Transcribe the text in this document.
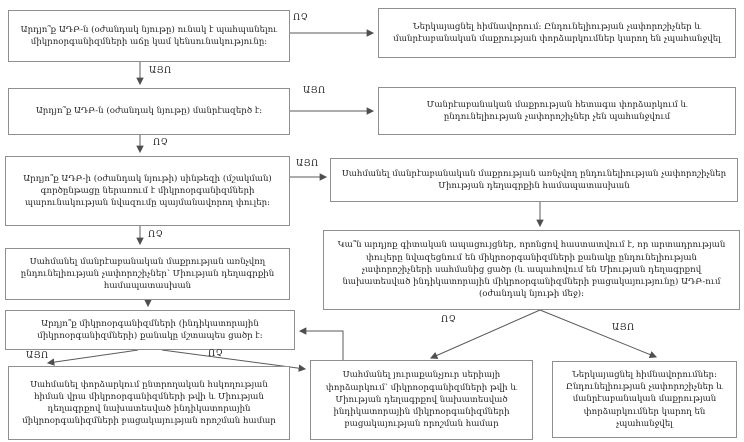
Արդյո՞ք ԱԴԲ-ն (օժանդակ նյութը) ունակ է պահպանելու միկրոօրգանիզմների աճը կամ կենսունակությունը։
Ներկայացնել հիմնավորում։ Ընդունելիության չափորոշիչներ և մանրէաբանական մաքրության փորձարկումներ կարող են չպահանջվել
Արդյո՞ք ԱԴԲ-ն (օժանդակ նյութը) մանրէազերծ է։
Մանրէաբանական մաքրության հետագա փորձարկում և ընդունելիության չափորոշիչներ չեն պահանջվում
Արդյո՞ք ԱԴԲ-ի (օժանդակ նյութի) սինթեզի (մշակման) գործընթացը ներառում է միկրոօրգանիզմների պարունակության նվազումը պայմանավորող փուլեր։
Սահմանել մանրէաբանական մաքրության առնչվող ընդունելիության չափորոշիչներ Միության դեղագրքին համապատասխան
Կա՞ն արդյոք գիտական ապացույցներ, որոնցով հաստատվում է, որ արտադրության փուլերը նվազեցնում են միկրոօրգանիզմների քանակը ընդունելիության չափորոշիչների սահմանից ցածր (և ապահովում են Միության դեղագրքով նախատեսված ինդիկատորային միկրոօրգանիզմների բացակայությունը) ԱԴԲ-ում (օժանդակ նյութի մեջ)։
Սահմանել մանրէաբանական մաքրության առնչվող ընդունելիության չափորոշիչներ՝ Միության դեղագրքին համապատասխան
Արդյո՞ք միկրոօրգանիզմների (ինդիկատորային միկրոօրգանիզմների) քանակը մշտապես ցածր է։
Սահմանել փորձարկում ընտրողական հսկողության հիման վրա միկրոօրգանիզմների թվի և Միության դեղագրքով նախատեսված ինդիկատորային միկրոօրգանիզմների բացակայության որոշման համար
Սահմանել յուրաքանչյուր սերիայի փորձարկում՝ միկրոօրգանիզմների թվի և Միության դեղագրքով նախատեսված ինդիկատորային միկրոօրգանիզմների բացակայության որոշման համար
Ներկայացնել հիմնավորումներ։ Ընդունելիության չափորոշիչներ և մանրէաբանական մաքրության փորձարկումներ կարող են չպահանջվել
ՈՉ
ԱՅՈ
ԱՅՈ
ՈՉ
ԱՅՈ
ՈՉ
ԱՅՈ	ՈՉ
ՈՉ
ԱՅՈ
